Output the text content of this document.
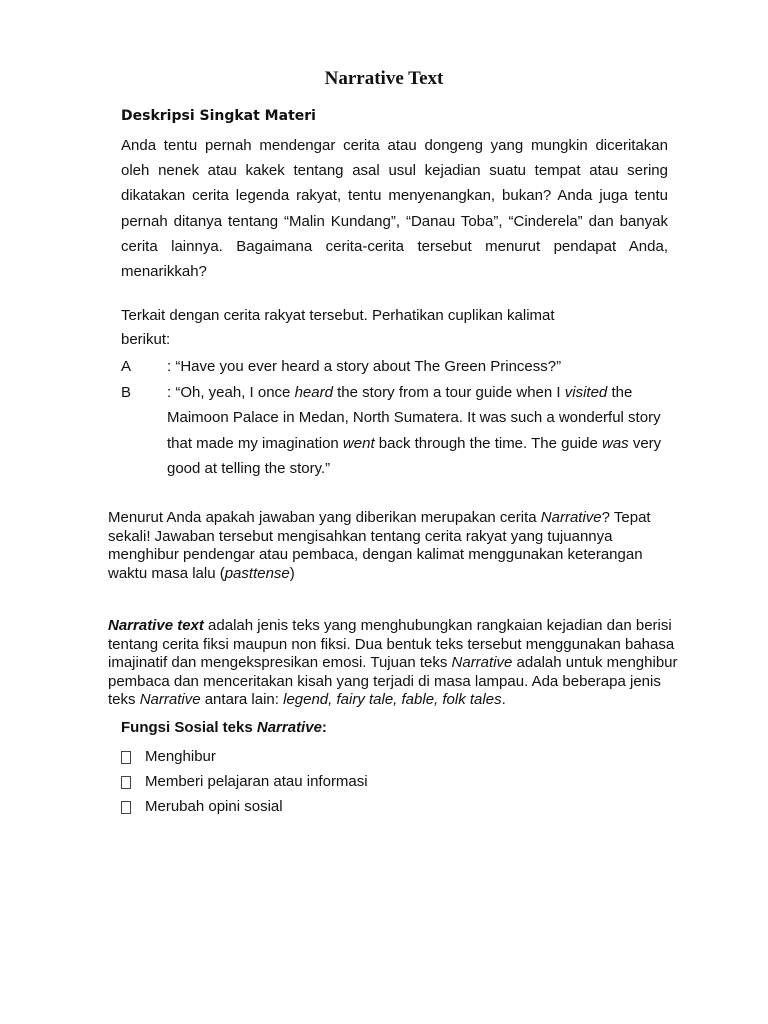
Narrative Text
Deskripsi Singkat Materi
Anda tentu pernah mendengar cerita atau dongeng yang mungkin diceritakan
oleh nenek atau kakek tentang asal usul kejadian suatu tempat atau sering
dikatakan cerita legenda rakyat, tentu menyenangkan, bukan? Anda juga tentu
pernah ditanya tentang “Malin Kundang”, “Danau Toba”, “Cinderela” dan banyak
cerita lainnya. Bagaimana cerita-cerita tersebut menurut pendapat Anda,
menarikkah?
Terkait dengan cerita rakyat tersebut. Perhatikan cuplikan kalimat
berikut:
A	: “Have you ever heard a story about The Green Princess?”
B	: “Oh, yeah, I once heard the story from a tour guide when I visited the
Maimoon Palace in Medan, North Sumatera. It was such a wonderful story
that made my imagination went back through the time. The guide was very
good at telling the story.”
Menurut Anda apakah jawaban yang diberikan merupakan cerita Narrative? Tepat sekali! Jawaban tersebut mengisahkan tentang cerita rakyat yang tujuannya menghibur pendengar atau pembaca, dengan kalimat menggunakan keterangan waktu masa lalu (pasttense)
Narrative text adalah jenis teks yang menghubungkan rangkaian kejadian dan berisi tentang cerita fiksi maupun non fiksi. Dua bentuk teks tersebut menggunakan bahasa imajinatif dan mengekspresikan emosi. Tujuan teks Narrative adalah untuk menghibur pembaca dan menceritakan kisah yang terjadi di masa lampau. Ada beberapa jenis teks Narrative antara lain: legend, fairy tale, fable, folk tales.
Fungsi Sosial teks Narrative:
Menghibur
Memberi pelajaran atau informasi
Merubah opini sosial
